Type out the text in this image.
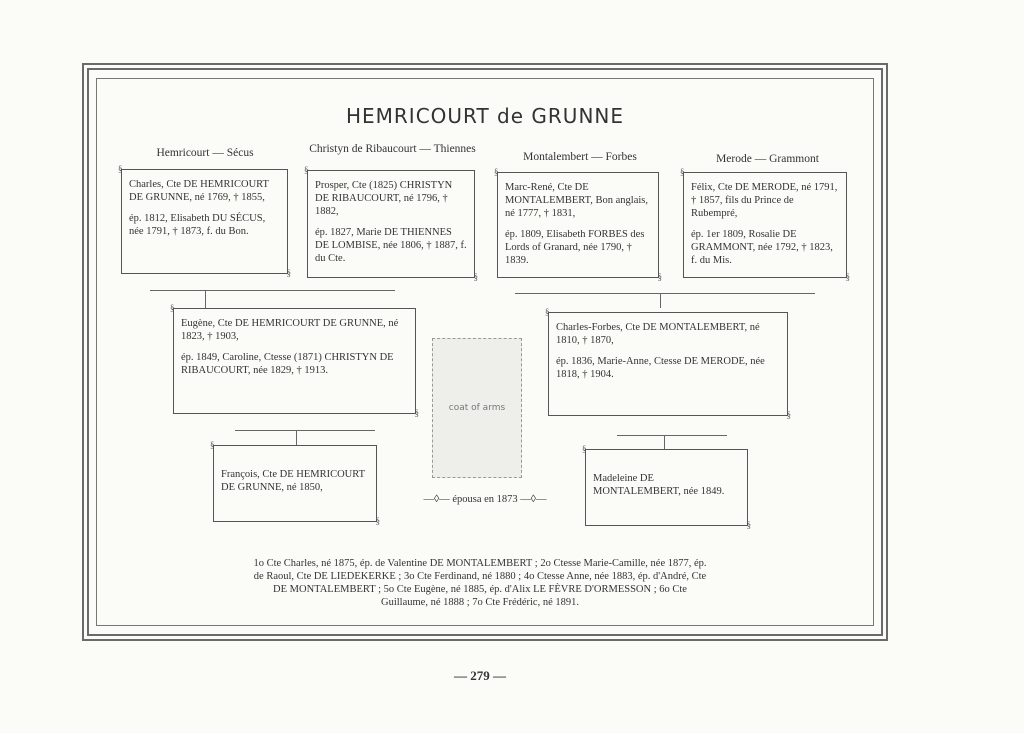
HEMRICOURT de GRUNNE
Hemricourt — Sécus	Christyn de Ribaucourt — Thiennes
Montalembert — Forbes	Merode — Grammont

§ Charles, Cte DE HEMRICOURT DE GRUNNE, né 1769, † 1855,

ép. 1812, Elisabeth DU SÉCUS, née 1791, † 1873, f. du Bon.

§

§ Prosper, Cte (1825) CHRISTYN DE RIBAUCOURT, né 1796, † 1882,

ép. 1827, Marie DE THIENNES DE LOMBISE, née 1806, † 1887, f. du Cte.

§

§ Marc-René, Cte DE MONTALEMBERT, Bon anglais, né 1777, † 1831,

ép. 1809, Elisabeth FORBES des Lords of Granard, née 1790, † 1839.

§

§ Félix, Cte DE MERODE, né 1791, † 1857, fils du Prince de Rubempré,

ép. 1er 1809, Rosalie DE GRAMMONT, née 1792, † 1823, f. du Mis.

§

§ Eugène, Cte DE HEMRICOURT DE GRUNNE, né 1823, † 1903,

ép. 1849, Caroline, Ctesse (1871) CHRISTYN DE RIBAUCOURT, née 1829, † 1913.

§

§ Charles-Forbes, Cte DE MONTALEMBERT, né 1810, † 1870,

ép. 1836, Marie-Anne, Ctesse DE MERODE, née 1818, † 1904.

§
coat of arms

§ François, Cte DE HEMRICOURT DE GRUNNE, né 1850,

§

§ Madeleine DE MONTALEMBERT, née 1849.

§
—◊— épousa en 1873 —◊—
1o Cte Charles, né 1875, ép. de Valentine DE MONTALEMBERT ; 2o Ctesse Marie-Camille, née 1877, ép. de Raoul, Cte DE LIEDEKERKE ; 3o Cte Ferdinand, né 1880 ; 4o Ctesse Anne, née 1883, ép. d'André, Cte DE MONTALEMBERT ; 5o Cte Eugène, né 1885, ép. d'Alix LE FÈVRE D'ORMESSON ; 6o Cte Guillaume, né 1888 ; 7o Cte Frédéric, né 1891.
— 279 —
